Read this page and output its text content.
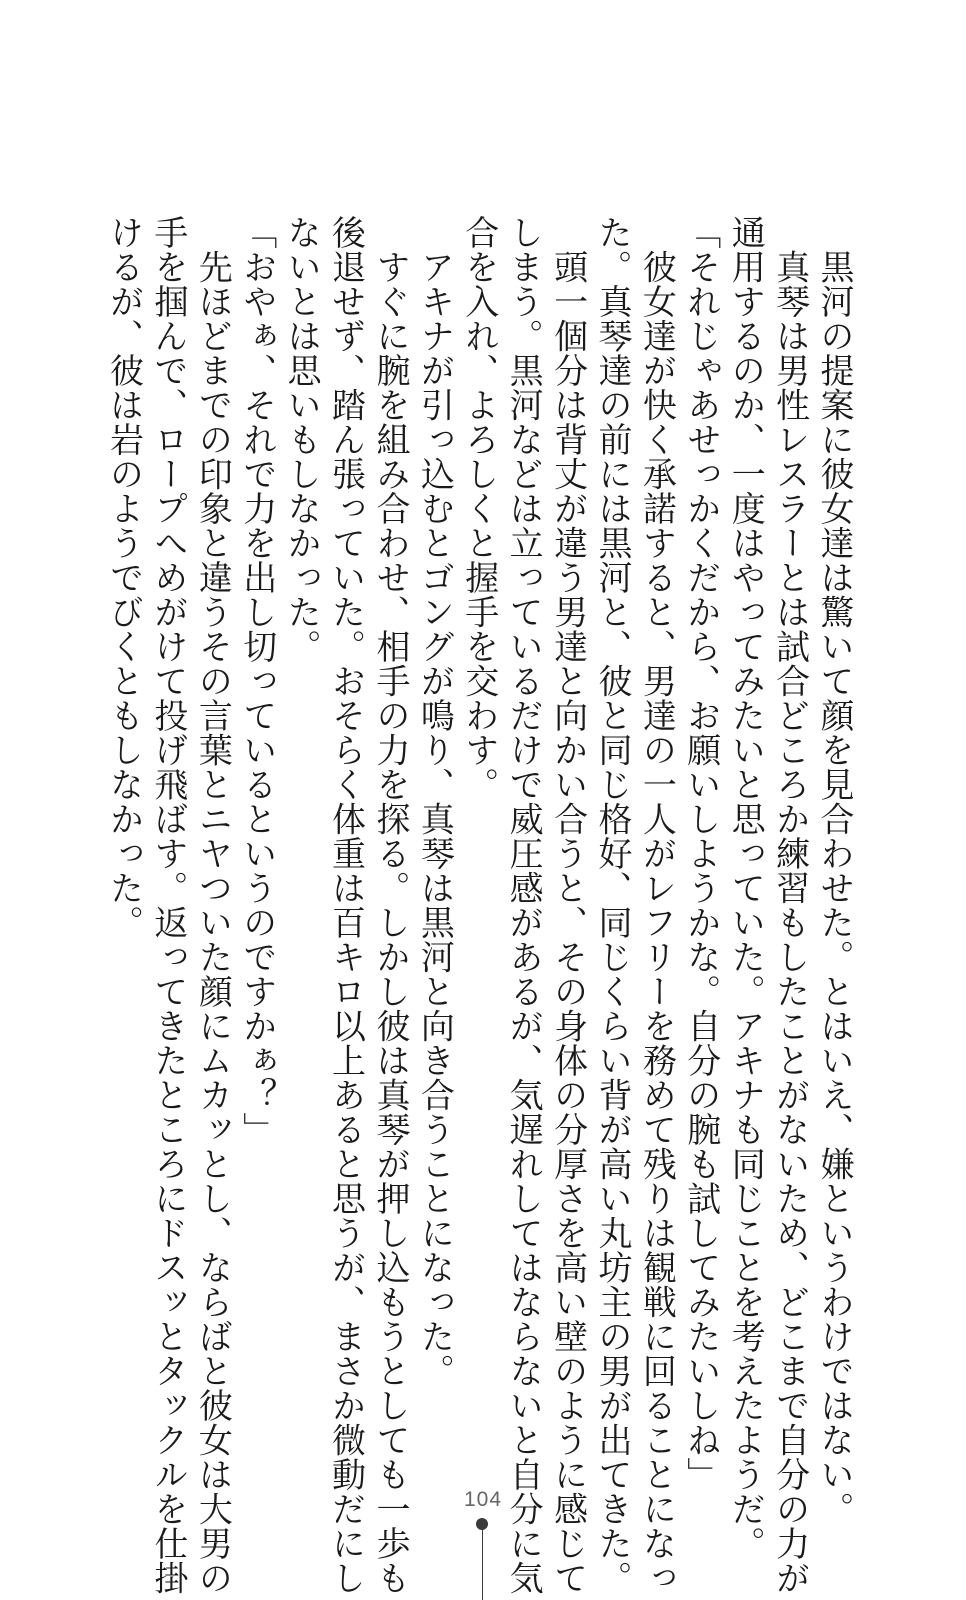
　黒河の提案に彼女達は驚いて顔を見合わせた。とはいえ、嫌というわけではない。
　真琴は男性レスラーとは試合どころか練習もしたことがないため、どこまで自分の力が
通用するのか、一度はやってみたいと思っていた。アキナも同じことを考えたようだ。
「それじゃあせっかくだから、お願いしようかな。自分の腕も試してみたいしね」
　彼女達が快く承諾すると、男達の一人がレフリーを務めて残りは観戦に回ることになっ
た。真琴達の前には黒河と、彼と同じ格好、同じくらい背が高い丸坊主の男が出てきた。
　頭一個分は背丈が違う男達と向かい合うと、その身体の分厚さを高い壁のように感じて
しまう。黒河などは立っているだけで威圧感があるが、気遅れしてはならないと自分に気
合を入れ、よろしくと握手を交わす。
　アキナが引っ込むとゴングが鳴り、真琴は黒河と向き合うことになった。
　すぐに腕を組み合わせ、相手の力を探る。しかし彼は真琴が押し込もうとしても一歩も
後退せず、踏ん張っていた。おそらく体重は百キロ以上あると思うが、まさか微動だにし
ないとは思いもしなかった。
「おやぁ、それで力を出し切っているというのですかぁ？」
　先ほどまでの印象と違うその言葉とニヤついた顔にムカッとし、ならばと彼女は大男の
手を掴んで、ロープへめがけて投げ飛ばす。返ってきたところにドスッとタックルを仕掛
けるが、彼は岩のようでびくともしなかった。
104
